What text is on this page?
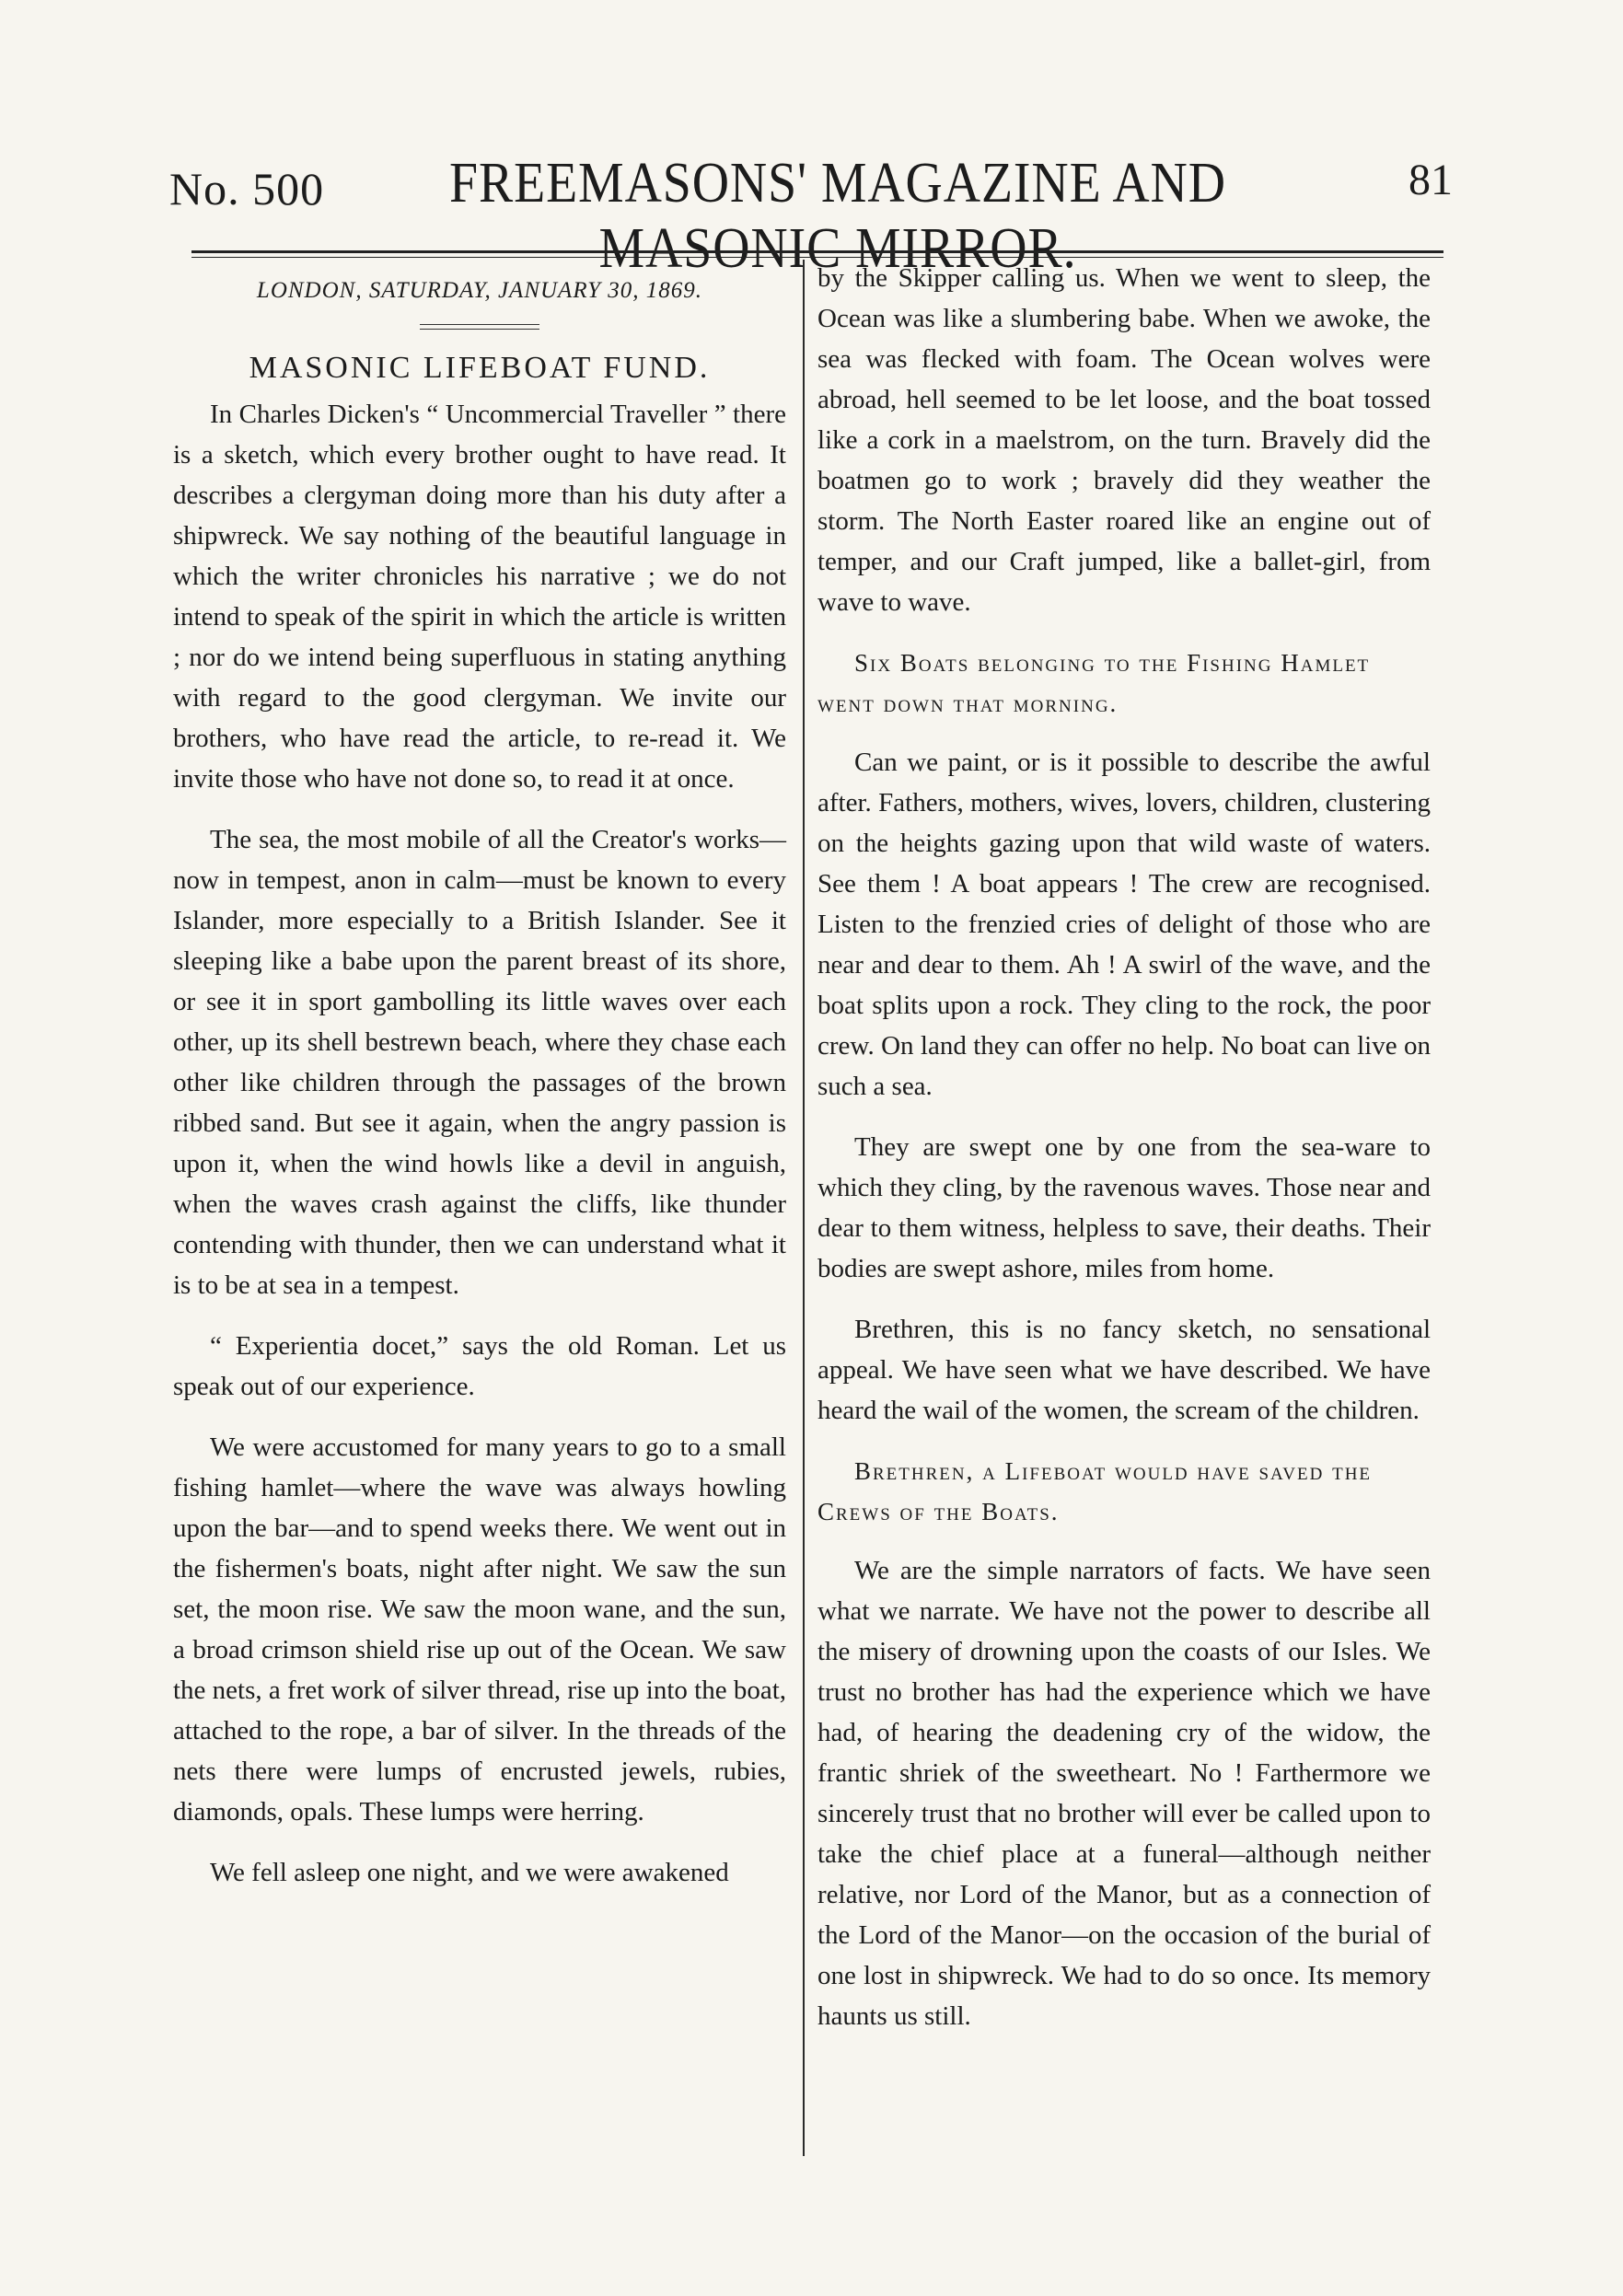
No. 500	FREEMASONS' MAGAZINE AND MASONIC MIRROR.
81
LONDON, SATURDAY, JANUARY 30, 1869.
MASONIC LIFEBOAT FUND.

In Charles Dicken's “ Uncommercial Traveller ” there is a sketch, which every brother ought to have read. It describes a clergyman doing more than his duty after a shipwreck. We say nothing of the beautiful language in which the writer chronicles his narrative ; we do not intend to speak of the spirit in which the article is written ; nor do we intend being superfluous in stating anything with regard to the good clergyman. We invite our brothers, who have read the article, to re-read it. We invite those who have not done so, to read it at once.

The sea, the most mobile of all the Creator's works—now in tempest, anon in calm—must be known to every Islander, more especially to a British Islander. See it sleeping like a babe upon the parent breast of its shore, or see it in sport gambolling its little waves over each other, up its shell bestrewn beach, where they chase each other like children through the passages of the brown ribbed sand. But see it again, when the angry passion is upon it, when the wind howls like a devil in anguish, when the waves crash against the cliffs, like thunder contending with thunder, then we can understand what it is to be at sea in a tempest.

“ Experientia docet,” says the old Roman. Let us speak out of our experience.

We were accustomed for many years to go to a small fishing hamlet—where the wave was always howling upon the bar—and to spend weeks there. We went out in the fishermen's boats, night after night. We saw the sun set, the moon rise. We saw the moon wane, and the sun, a broad crimson shield rise up out of the Ocean. We saw the nets, a fret work of silver thread, rise up into the boat, attached to the rope, a bar of silver. In the threads of the nets there were lumps of encrusted jewels, rubies, diamonds, opals. These lumps were herring.

We fell asleep one night, and we were awakened

by the Skipper calling us. When we went to sleep, the Ocean was like a slumbering babe. When we awoke, the sea was flecked with foam. The Ocean wolves were abroad, hell seemed to be let loose, and the boat tossed like a cork in a maelstrom, on the turn. Bravely did the boatmen go to work ; bravely did they weather the storm. The North Easter roared like an engine out of temper, and our Craft jumped, like a ballet-girl, from wave to wave.

Six Boats belonging to the Fishing Hamlet went down that morning.

Can we paint, or is it possible to describe the awful after. Fathers, mothers, wives, lovers, children, clustering on the heights gazing upon that wild waste of waters. See them ! A boat appears ! The crew are recognised. Listen to the frenzied cries of delight of those who are near and dear to them. Ah ! A swirl of the wave, and the boat splits upon a rock. They cling to the rock, the poor crew. On land they can offer no help. No boat can live on such a sea.

They are swept one by one from the sea-ware to which they cling, by the ravenous waves. Those near and dear to them witness, helpless to save, their deaths. Their bodies are swept ashore, miles from home.

Brethren, this is no fancy sketch, no sensational appeal. We have seen what we have described. We have heard the wail of the women, the scream of the children.

Brethren, a Lifeboat would have saved the Crews of the Boats.

We are the simple narrators of facts. We have seen what we narrate. We have not the power to describe all the misery of drowning upon the coasts of our Isles. We trust no brother has had the experience which we have had, of hearing the deadening cry of the widow, the frantic shriek of the sweetheart. No ! Farthermore we sincerely trust that no brother will ever be called upon to take the chief place at a funeral—although neither relative, nor Lord of the Manor, but as a connection of the Lord of the Manor—on the occasion of the burial of one lost in shipwreck. We had to do so once. Its memory haunts us still.
